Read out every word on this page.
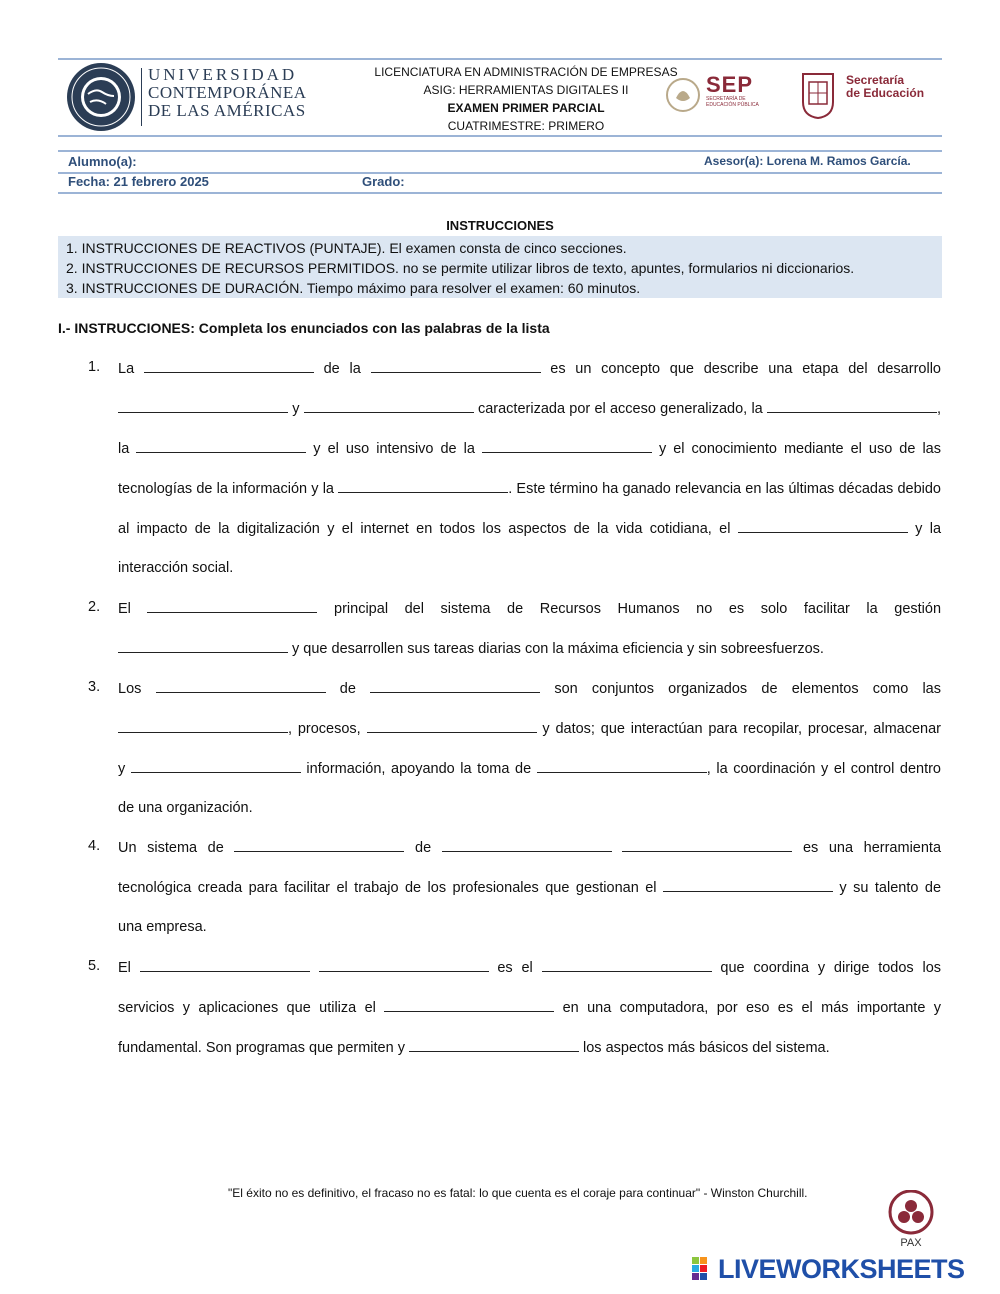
UNIVERSIDAD
CONTEMPORÁNEA
DE LAS AMÉRICAS
LICENCIATURA EN ADMINISTRACIÓN DE EMPRESAS
ASIG: HERRAMIENTAS DIGITALES II
EXAMEN PRIMER PARCIAL
CUATRIMESTRE: PRIMERO
SEP
SECRETARÍA DE EDUCACIÓN PÚBLICA
Secretaría
de Educación
Alumno(a):	Asesor(a): Lorena M. Ramos García.
Fecha: 21 febrero 2025	Grado:
INSTRUCCIONES
1. INSTRUCCIONES DE REACTIVOS (PUNTAJE). El examen consta de cinco secciones.
2. INSTRUCCIONES DE RECURSOS PERMITIDOS. no se permite utilizar libros de texto, apuntes, formularios ni diccionarios.
3. INSTRUCCIONES DE DURACIÓN. Tiempo máximo para resolver el examen: 60 minutos.
I.- INSTRUCCIONES: Completa los enunciados con las palabras de la lista
1. La	de la	es un concepto que describe una etapa del desarrollo
y	caracterizada por el acceso generalizado, la	,
la	y el uso intensivo de la	y el conocimiento mediante el uso de las
tecnologías de la información y la	. Este término ha ganado relevancia en las últimas décadas debido
al impacto de la digitalización y el internet en todos los aspectos de la vida cotidiana, el	y la
interacción social.
2. El	principal del sistema de Recursos Humanos no es solo facilitar la gestión
y que desarrollen sus tareas diarias con la máxima eficiencia y sin sobreesfuerzos.
3. Los	de	son conjuntos organizados de elementos como las
, procesos,	y datos; que interactúan para recopilar, procesar, almacenar
y	información, apoyando la toma de	, la coordinación y el control dentro
de una organización.
4. Un sistema de	de	es una herramienta
tecnológica creada para facilitar el trabajo de los profesionales que gestionan el	y su talento de
una empresa.
5. El	es el	que coordina y dirige todos los
servicios y aplicaciones que utiliza el	en una computadora, por eso es el más importante y
fundamental. Son programas que permiten y	los aspectos más básicos del sistema.
"El éxito no es definitivo, el fracaso no es fatal: lo que cuenta es el coraje para continuar" - Winston Churchill.
PAX
LIVEWORKSHEETS
